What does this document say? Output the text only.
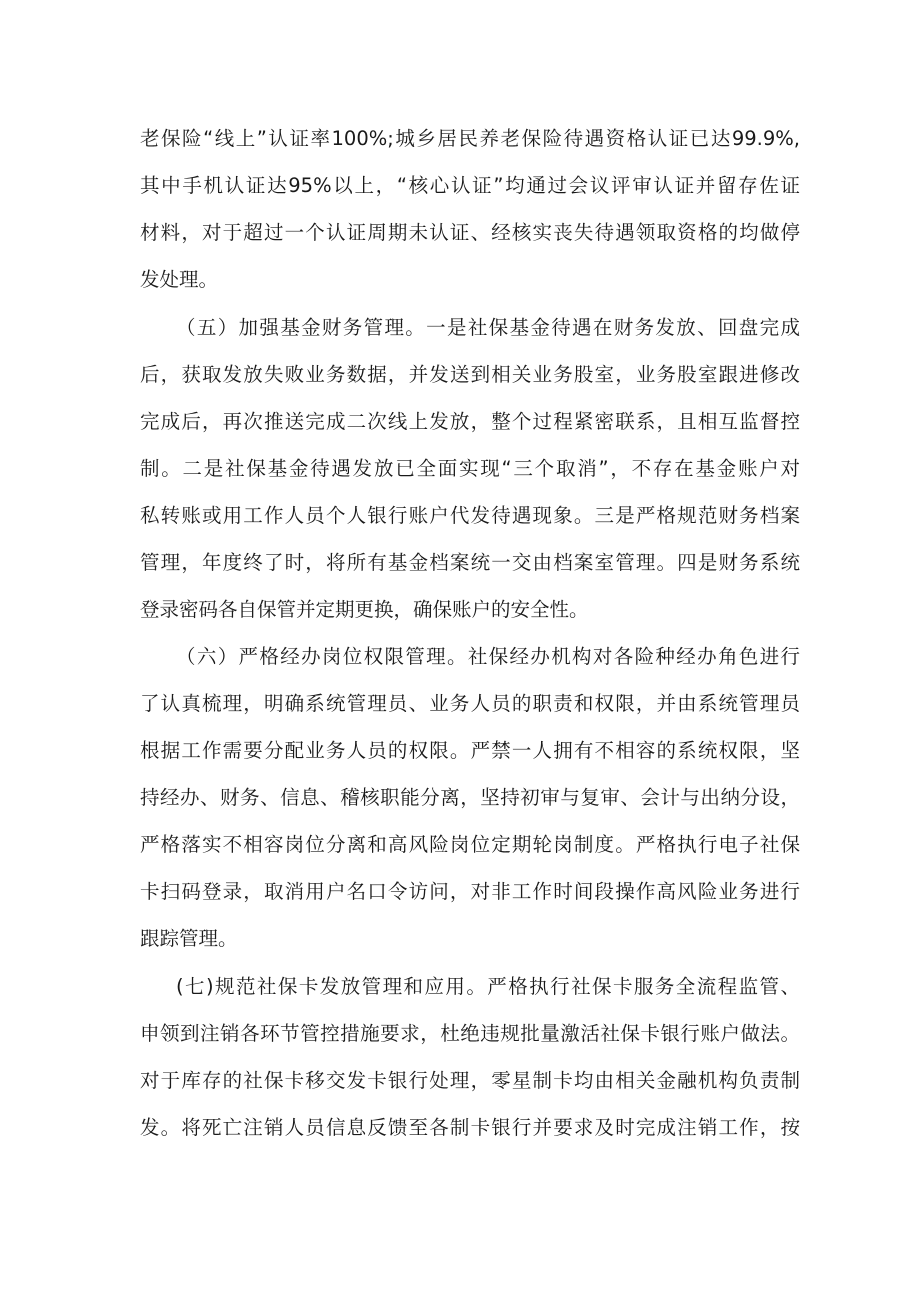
老保险“线上”认证率100%;城乡居民养老保险待遇资格认证已达99.9%,
其中手机认证达95%以上，“核心认证”均通过会议评审认证并留存佐证
材料，对于超过一个认证周期未认证、经核实丧失待遇领取资格的均做停
发处理。
（五）加强基金财务管理。一是社保基金待遇在财务发放、回盘完成
后，获取发放失败业务数据，并发送到相关业务股室，业务股室跟进修改
完成后，再次推送完成二次线上发放，整个过程紧密联系，且相互监督控
制。二是社保基金待遇发放已全面实现“三个取消”，不存在基金账户对
私转账或用工作人员个人银行账户代发待遇现象。三是严格规范财务档案
管理，年度终了时，将所有基金档案统一交由档案室管理。四是财务系统
登录密码各自保管并定期更换，确保账户的安全性。
（六）严格经办岗位权限管理。社保经办机构对各险种经办角色进行
了认真梳理，明确系统管理员、业务人员的职责和权限，并由系统管理员
根据工作需要分配业务人员的权限。严禁一人拥有不相容的系统权限，坚
持经办、财务、信息、稽核职能分离，坚持初审与复审、会计与出纳分设，
严格落实不相容岗位分离和高风险岗位定期轮岗制度。严格执行电子社保
卡扫码登录，取消用户名口令访问，对非工作时间段操作高风险业务进行
跟踪管理。
(七)规范社保卡发放管理和应用。严格执行社保卡服务全流程监管、
申领到注销各环节管控措施要求，杜绝违规批量激活社保卡银行账户做法。
对于库存的社保卡移交发卡银行处理，零星制卡均由相关金融机构负责制
发。将死亡注销人员信息反馈至各制卡银行并要求及时完成注销工作，按
